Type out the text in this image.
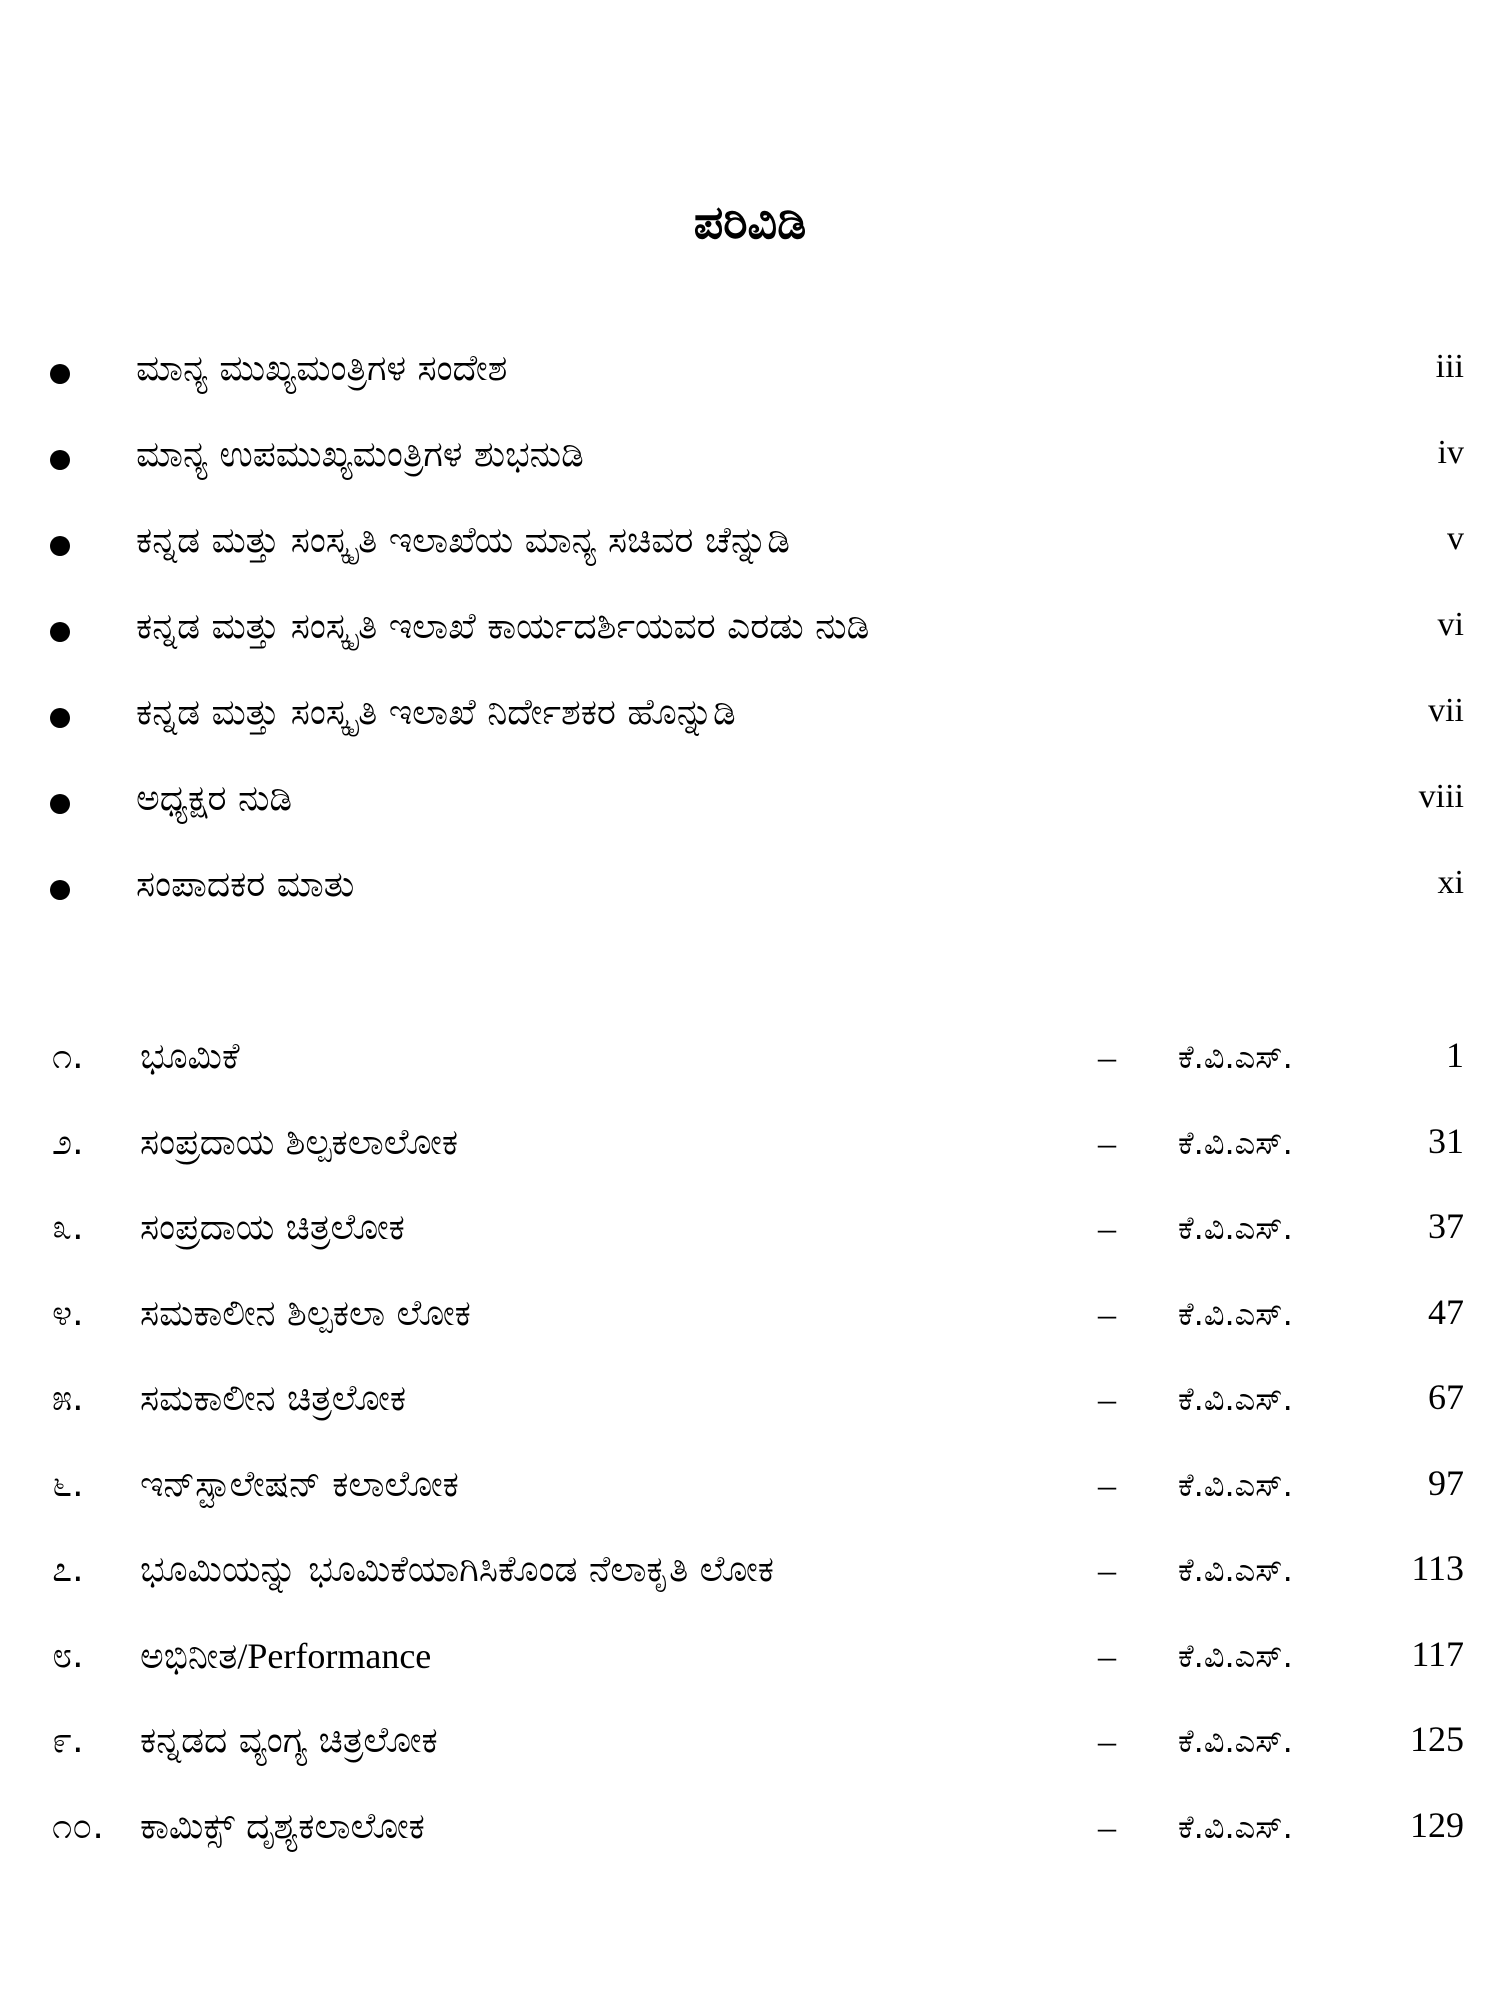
ಪರಿವಿಡಿ
ಮಾನ್ಯ ಮುಖ್ಯಮಂತ್ರಿಗಳ ಸಂದೇಶ	iii
ಮಾನ್ಯ ಉಪಮುಖ್ಯಮಂತ್ರಿಗಳ ಶುಭನುಡಿ	iv
ಕನ್ನಡ ಮತ್ತು ಸಂಸ್ಕೃತಿ ಇಲಾಖೆಯ ಮಾನ್ಯ ಸಚಿವರ ಚೆನ್ನುಡಿ	v
ಕನ್ನಡ ಮತ್ತು ಸಂಸ್ಕೃತಿ ಇಲಾಖೆ ಕಾರ್ಯದರ್ಶಿಯವರ ಎರಡು ನುಡಿ	vi
ಕನ್ನಡ ಮತ್ತು ಸಂಸ್ಕೃತಿ ಇಲಾಖೆ ನಿರ್ದೇಶಕರ ಹೊನ್ನುಡಿ	vii
ಅಧ್ಯಕ್ಷರ ನುಡಿ	viii
ಸಂಪಾದಕರ ಮಾತು	xi
೧. ಭೂಮಿಕೆ	– ಕೆ.ವಿ.ಎಸ್.	1
೨. ಸಂಪ್ರದಾಯ ಶಿಲ್ಪಕಲಾಲೋಕ	– ಕೆ.ವಿ.ಎಸ್.	31
೩. ಸಂಪ್ರದಾಯ ಚಿತ್ರಲೋಕ	– ಕೆ.ವಿ.ಎಸ್.	37
೪. ಸಮಕಾಲೀನ ಶಿಲ್ಪಕಲಾ ಲೋಕ	– ಕೆ.ವಿ.ಎಸ್.	47
೫. ಸಮಕಾಲೀನ ಚಿತ್ರಲೋಕ	– ಕೆ.ವಿ.ಎಸ್.	67
೬. ಇನ್‌ಸ್ಟಾಲೇಷನ್ ಕಲಾಲೋಕ	– ಕೆ.ವಿ.ಎಸ್.	97
೭. ಭೂಮಿಯನ್ನು ಭೂಮಿಕೆಯಾಗಿಸಿಕೊಂಡ ನೆಲಾಕೃತಿ ಲೋಕ	– ಕೆ.ವಿ.ಎಸ್.	113
೮. ಅಭಿನೀತ/Performance	– ಕೆ.ವಿ.ಎಸ್.	117
೯. ಕನ್ನಡದ ವ್ಯಂಗ್ಯ ಚಿತ್ರಲೋಕ	– ಕೆ.ವಿ.ಎಸ್.	125
೧೦. ಕಾಮಿಕ್ಸ್ ದೃಶ್ಯಕಲಾಲೋಕ	– ಕೆ.ವಿ.ಎಸ್.	129
